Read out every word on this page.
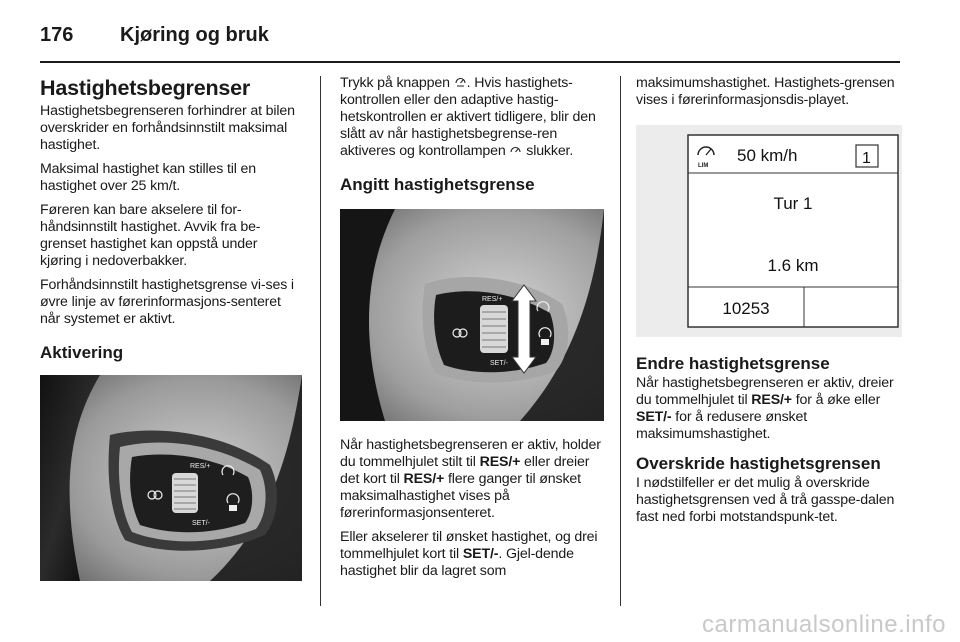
176 Kjøring og bruk
Hastighetsbegrenser

Hastighetsbegrenseren forhindrer at bilen overskrider en forhåndsinnstilt maksimal hastighet.

Maksimal hastighet kan stilles til en hastighet over 25 km/t.

Føreren kan bare akselere til for-håndsinnstilt hastighet. Avvik fra be-grenset hastighet kan oppstå under kjøring i nedoverbakker.

Forhåndsinnstilt hastighetsgrense vi-ses i øvre linje av førerinformasjons-senteret når systemet er aktivt.

Aktivering
RES/+
SET/-

Trykk på knappen . Hvis hastighets-kontrollen eller den adaptive hastig-hetskontrollen er aktivert tidligere, blir den slått av når hastighetsbegrense-ren aktiveres og kontrollampen  slukker.

Angitt hastighetsgrense
RES/+
SET/-

Når hastighetsbegrenseren er aktiv, holder du tommelhjulet stilt til RES/+ eller dreier det kort til RES/+ flere ganger til ønsket maksimalhastighet vises på førerinformasjonsenteret.

Eller akselerer til ønsket hastighet, og drei tommelhjulet kort til SET/-. Gjel-dende hastighet blir da lagret som

maksimumshastighet. Hastighets-grensen vises i førerinformasjonsdis-playet.

LIM
50 km/h	1
Tur 1
1.6 km
10253
Endre hastighetsgrense

Når hastighetsbegrenseren er aktiv, dreier du tommelhjulet til RES/+ for å øke eller SET/- for å redusere ønsket maksimumshastighet.

Overskride hastighetsgrensen

I nødstilfeller er det mulig å overskride hastighetsgrensen ved å trå gasspe-dalen fast ned forbi motstandspunk-tet.

carmanualsonline.info
